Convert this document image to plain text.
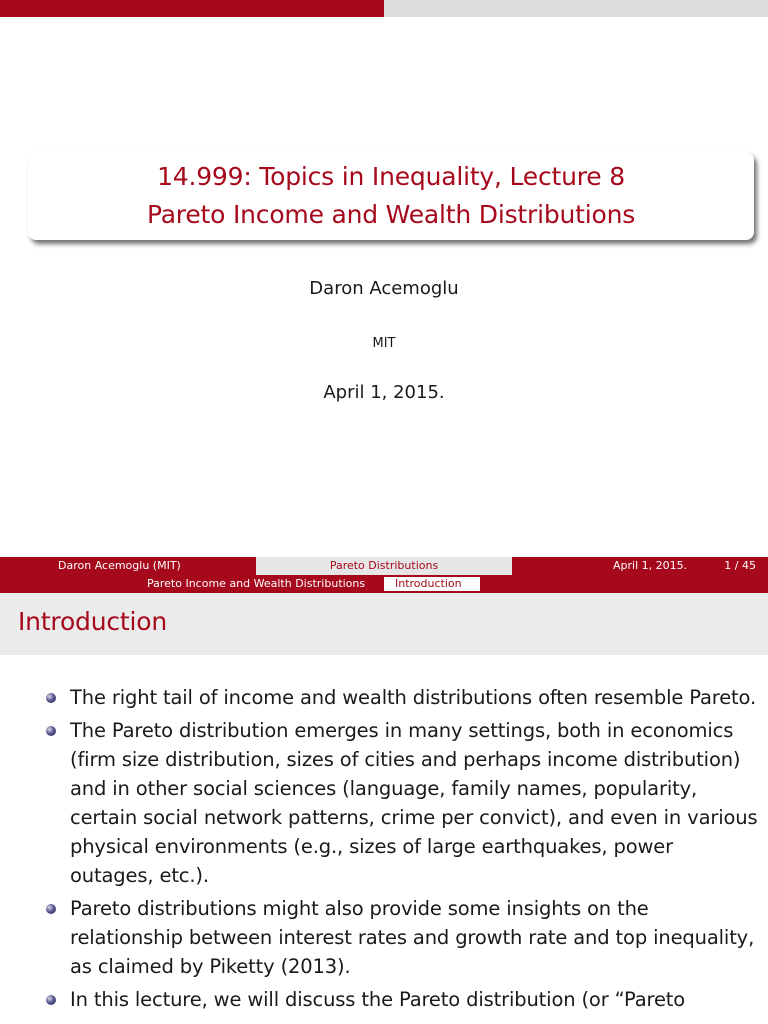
14.999: Topics in Inequality, Lecture 8
Pareto Income and Wealth Distributions
Daron Acemoglu
MIT
April 1, 2015.
Daron Acemoglu (MIT)	Pareto Distributions	April 1, 2015.	1 / 45
Pareto Income and Wealth Distributions	Introduction
Introduction
The right tail of income and wealth distributions often resemble Pareto.
The Pareto distribution emerges in many settings, both in economics (firm size distribution, sizes of cities and perhaps income distribution) and in other social sciences (language, family names, popularity, certain social network patterns, crime per convict), and even in various physical environments (e.g., sizes of large earthquakes, power outages, etc.).
Pareto distributions might also provide some insights on the relationship between interest rates and growth rate and top inequality, as claimed by Piketty (2013).
In this lecture, we will discuss the Pareto distribution (or “Pareto
